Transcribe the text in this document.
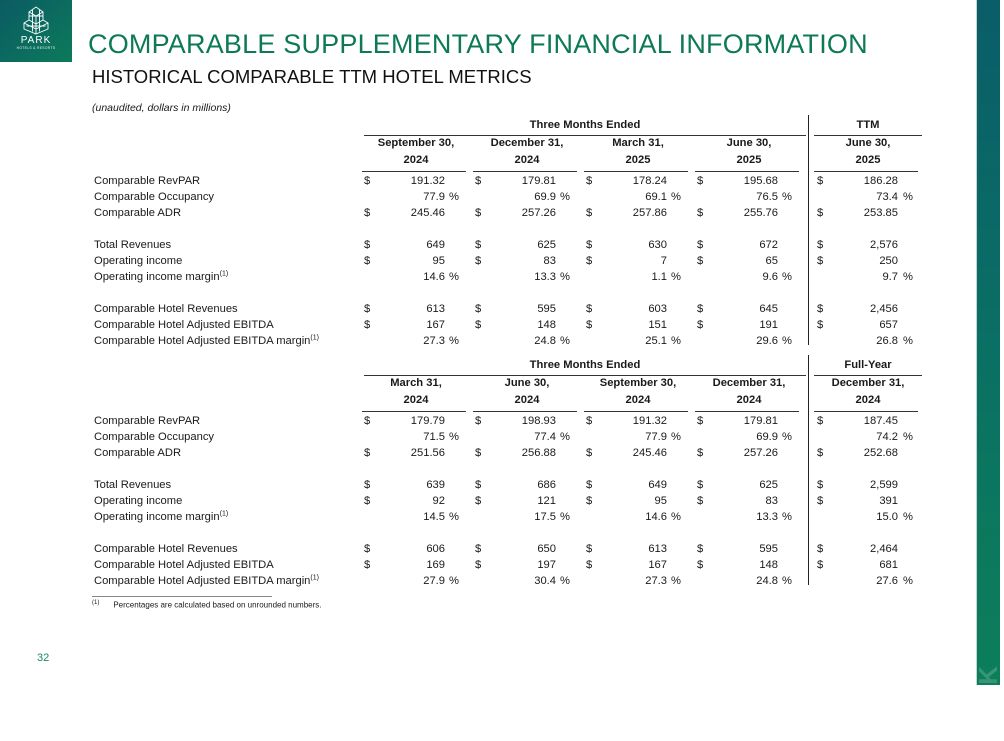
PARK
HOTELS & RESORTS
PARK
COMPARABLE SUPPLEMENTARY FINANCIAL INFORMATION
HISTORICAL COMPARABLE TTM HOTEL METRICS
(unaudited, dollars in millions)
Three Months Ended	TTM
September 30,
2024
December 31,
2024
March 31,
2025
June 30,
2025
June 30,
2025
Comparable RevPAR	$	191.32	$	179.81	$	178.24	$	195.68	$	186.28
Comparable Occupancy	77.9 %	69.9 %	69.1 %	76.5 %	73.4 %
Comparable ADR	$	245.46	$	257.26	$	257.86	$	255.76	$	253.85
Total Revenues	$	649	$	625	$	630	$	672	$	2,576
Operating income	$	95	$	83	$	7	$	65	$	250
Operating income margin$^{(1)}$	14.6 %	13.3 %	1.1 %	9.6 %	9.7 %
Comparable Hotel Revenues	$	613	$	595	$	603	$	645	$	2,456
Comparable Hotel Adjusted EBITDA	$	167	$	148	$	151	$	191	$	657
Comparable Hotel Adjusted EBITDA margin$^{(1)}$	27.3 %	24.8 %	25.1 %	29.6 %	26.8 %
Three Months Ended	Full-Year
March 31,
2024
June 30,
2024
September 30,
2024
December 31,
2024
December 31,
2024
Comparable RevPAR	$	179.79	$	198.93	$	191.32	$	179.81	$	187.45
Comparable Occupancy	71.5 %	77.4 %	77.9 %	69.9 %	74.2 %
Comparable ADR	$	251.56	$	256.88	$	245.46	$	257.26	$	252.68
Total Revenues	$	639	$	686	$	649	$	625	$	2,599
Operating income	$	92	$	121	$	95	$	83	$	391
Operating income margin$^{(1)}$	14.5 %	17.5 %	14.6 %	13.3 %	15.0 %
Comparable Hotel Revenues	$	606	$	650	$	613	$	595	$	2,464
Comparable Hotel Adjusted EBITDA	$	169	$	197	$	167	$	148	$	681
Comparable Hotel Adjusted EBITDA margin$^{(1)}$	27.9 %	30.4 %	27.3 %	24.8 %	27.6 %
$^{(1)}$ Percentages are calculated based on unrounded numbers.
32
